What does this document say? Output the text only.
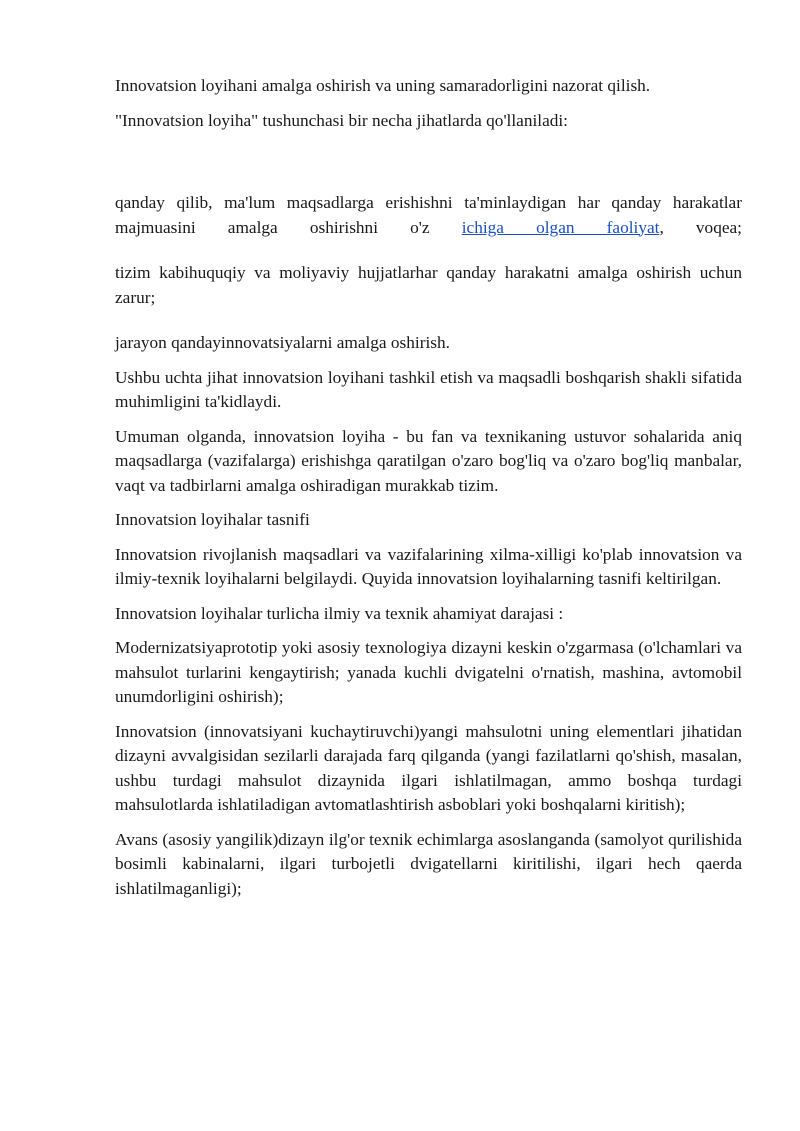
Innovatsion loyihani amalga oshirish va uning samaradorligini nazorat qilish.

"Innovatsion loyiha" tushunchasi bir necha jihatlarda qo'llaniladi:

qanday qilib, ma'lum maqsadlarga erishishni ta'minlaydigan har qanday harakatlar majmuasini amalga oshirishni o'z ichiga olgan faoliyat, voqea;

tizim kabihuquqiy va moliyaviy hujjatlarhar qanday harakatni amalga oshirish uchun zarur;

jarayon qandayinnovatsiyalarni amalga oshirish.

Ushbu uchta jihat innovatsion loyihani tashkil etish va maqsadli boshqarish shakli sifatida muhimligini ta'kidlaydi.

Umuman olganda, innovatsion loyiha - bu fan va texnikaning ustuvor sohalarida aniq maqsadlarga (vazifalarga) erishishga qaratilgan o'zaro bog'liq va o'zaro bog'liq manbalar, vaqt va tadbirlarni amalga oshiradigan murakkab tizim.

Innovatsion loyihalar tasnifi

Innovatsion rivojlanish maqsadlari va vazifalarining xilma-xilligi ko'plab innovatsion va ilmiy-texnik loyihalarni belgilaydi. Quyida innovatsion loyihalarning tasnifi keltirilgan.

Innovatsion loyihalar turlicha ilmiy va texnik ahamiyat darajasi :

Modernizatsiyaprototip yoki asosiy texnologiya dizayni keskin o'zgarmasa (o'lchamlari va mahsulot turlarini kengaytirish; yanada kuchli dvigatelni o'rnatish, mashina, avtomobil unumdorligini oshirish);

Innovatsion (innovatsiyani kuchaytiruvchi)yangi mahsulotni uning elementlari jihatidan dizayni avvalgisidan sezilarli darajada farq qilganda (yangi fazilatlarni qo'shish, masalan, ushbu turdagi mahsulot dizaynida ilgari ishlatilmagan, ammo boshqa turdagi mahsulotlarda ishlatiladigan avtomatlashtirish asboblari yoki boshqalarni kiritish);

Avans (asosiy yangilik)dizayn ilg'or texnik echimlarga asoslanganda (samolyot qurilishida bosimli kabinalarni, ilgari turbojetli dvigatellarni kiritilishi, ilgari hech qaerda ishlatilmaganligi);
